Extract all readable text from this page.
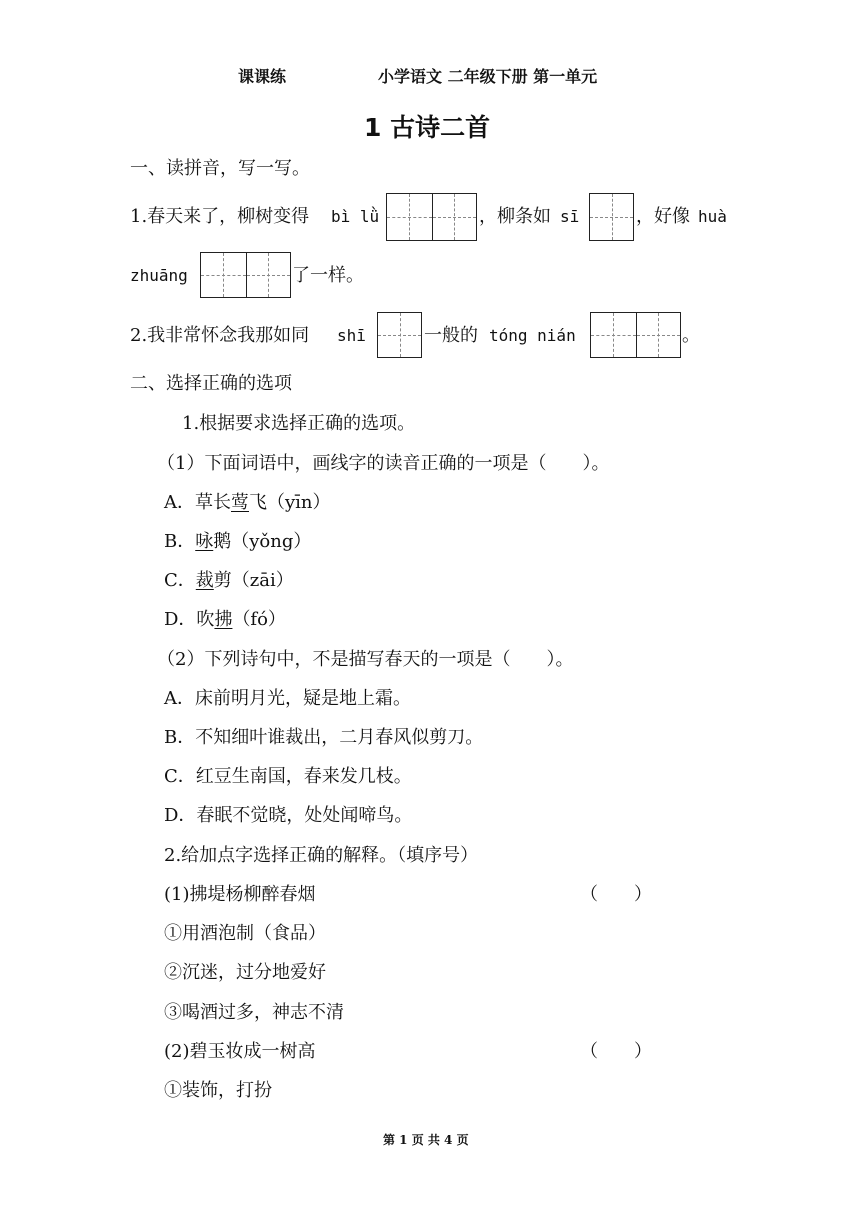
课课练	小学语文 二年级下册 第一单元
1 古诗二首
一、读拼音，写一写。
1.春天来了，柳树变得 bì lǜ	，柳条如 sī	，好像 huà
zhuāng	了一样。
2.我非常怀念我那如同 shī	一般的 tóng nián	。
二、选择正确的选项
1.根据要求选择正确的选项。
（1）下面词语中，画线字的读音正确的一项是（　　）。
A．草长莺飞（yīn）
B．咏鹅（yǒng）
C．裁剪（zāi）
D．吹拂（fó）
（2）下列诗句中，不是描写春天的一项是（　　）。
A．床前明月光，疑是地上霜。
B．不知细叶谁裁出，二月春风似剪刀。
C．红豆生南国，春来发几枝。
D．春眠不觉晓，处处闻啼鸟。
2.给加点字选择正确的解释。（填序号）
(1)拂堤杨柳醉春烟	（　　）
①用酒泡制（食品）
②沉迷，过分地爱好
③喝酒过多，神志不清
(2)碧玉妆成一树高	（　　）
①装饰，打扮
第 1 页 共 4 页
